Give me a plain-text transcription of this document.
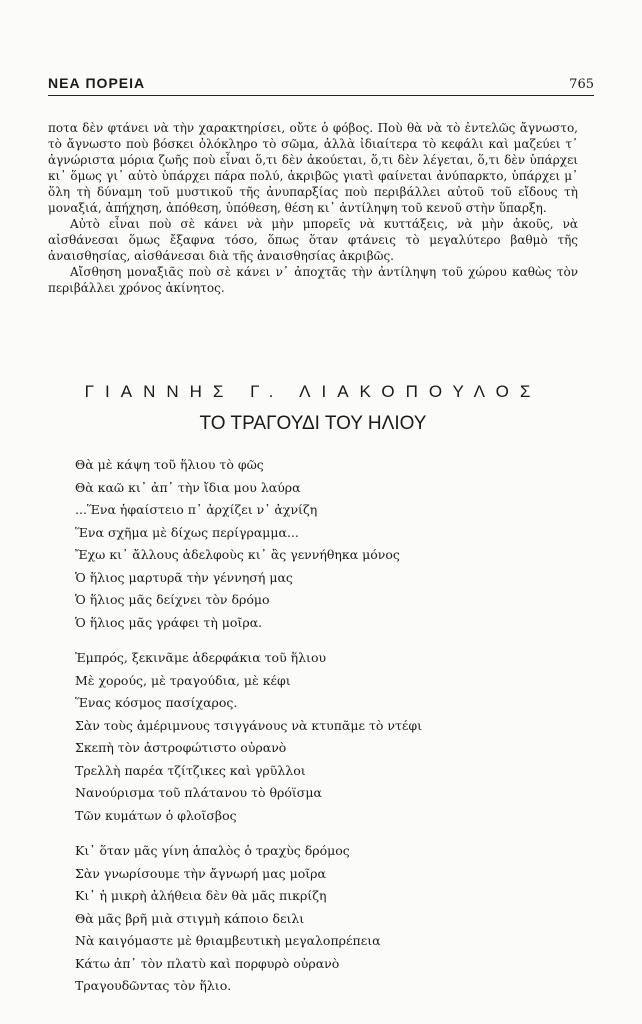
ΝΕΑ ΠΟΡΕΙΑ	765

ποτα δὲν φτάνει νὰ τὴν χαρακτηρίσει, οὔτε ὁ φόβος. Ποὺ θὰ νὰ τὸ ἐντελῶς ἄγνωστο, τὸ ἄγνωστο ποὺ βόσκει ὁλόκληρο τὸ σῶμα, ἀλλὰ ἰδιαίτερα τὸ κεφάλι καὶ μαζεύει τ᾽ ἀγνώριστα μόρια ζωῆς ποὺ εἶναι ὅ,τι δὲν ἀκούεται, ὅ,τι δὲν λέγεται, ὅ,τι δὲν ὑπάρχει κι᾽ ὅμως γι᾽ αὐτὸ ὑπάρχει πάρα πολύ, ἀκριβῶς γιατὶ φαίνεται ἀνύπαρκτο, ὑπάρχει μ᾽ ὅλη τὴ δύναμη τοῦ μυστικοῦ τῆς ἀνυπαρξίας ποὺ περιβάλλει αὐτοῦ τοῦ εἴδους τὴ μοναξιά, ἀπήχηση, ἀπόθεση, ὑπόθεση, θέση κι᾽ ἀντίληψη τοῦ κενοῦ στὴν ὕπαρξη.

Αὐτὸ εἶναι ποὺ σὲ κάνει νὰ μὴν μπορεῖς νὰ κυττάξεις, νὰ μὴν ἀκοῦς, νὰ αἰσθάνεσαι ὅμως ἔξαφνα τόσο, ὅπως ὅταν φτάνεις τὸ μεγαλύτερο βαθμὸ τῆς ἀναισθησίας, αἰσθάνεσαι διὰ τῆς ἀναισθησίας ἀκριβῶς.

Αἴσθηση μοναξιᾶς ποὺ σὲ κάνει ν᾽ ἀποχτᾶς τὴν ἀντίληψη τοῦ χώρου καθὼς τὸν περιβάλλει χρόνος ἀκίνητος.

ΓΙΑΝΝΗΣ Γ. ΛΙΑΚΟΠΟΥΛΟΣ
ΤΟ ΤΡΑΓΟΥΔΙ ΤΟΥ ΗΛΙΟΥ
Θὰ μὲ κάψη τοῦ ἥλιου τὸ φῶς
Θὰ καῶ κι᾽ ἀπ᾽ τὴν ἴδια μου λαύρα
...Ἕνα ἡφαίστειο π᾽ ἀρχίζει ν᾽ ἀχνίζη
Ἕνα σχῆμα μὲ δίχως περίγραμμα...
Ἔχω κι᾽ ἄλλους ἀδελφοὺς κι᾽ ἂς γεννήθηκα μόνος
Ὁ ἥλιος μαρτυρᾶ τὴν γέννησή μας
Ὁ ἥλιος μᾶς δείχνει τὸν δρόμο
Ὁ ἥλιος μᾶς γράφει τὴ μοῖρα.
Ἐμπρός, ξεκινᾶμε ἀδερφάκια τοῦ ἥλιου
Μὲ χορούς, μὲ τραγούδια, μὲ κέφι
Ἕνας κόσμος πασίχαρος.
Σὰν τοὺς ἀμέριμνους τσιγγάνους νὰ κτυπᾶμε τὸ ντέφι
Σκεπὴ τὸν ἀστροφώτιστο οὐρανὸ
Τρελλὴ παρέα τζίτζικες καὶ γρῦλλοι
Νανούρισμα τοῦ πλάτανου τὸ θρόϊσμα
Τῶν κυμάτων ὁ φλοῖσβος
Κι᾽ ὅταν μᾶς γίνη ἁπαλὸς ὁ τραχὺς δρόμος
Σὰν γνωρίσουμε τὴν ἄγνωρή μας μοῖρα
Κι᾽ ἡ μικρὴ ἀλήθεια δὲν θὰ μᾶς πικρίζη
Θὰ μᾶς βρῆ μιὰ στιγμὴ κάποιο δειλι
Νὰ καιγόμαστε μὲ θριαμβευτικὴ μεγαλοπρέπεια
Κάτω ἀπ᾽ τὸν πλατὺ καὶ πορφυρὸ οὐρανὸ
Τραγουδῶντας τὸν ἥλιο.
